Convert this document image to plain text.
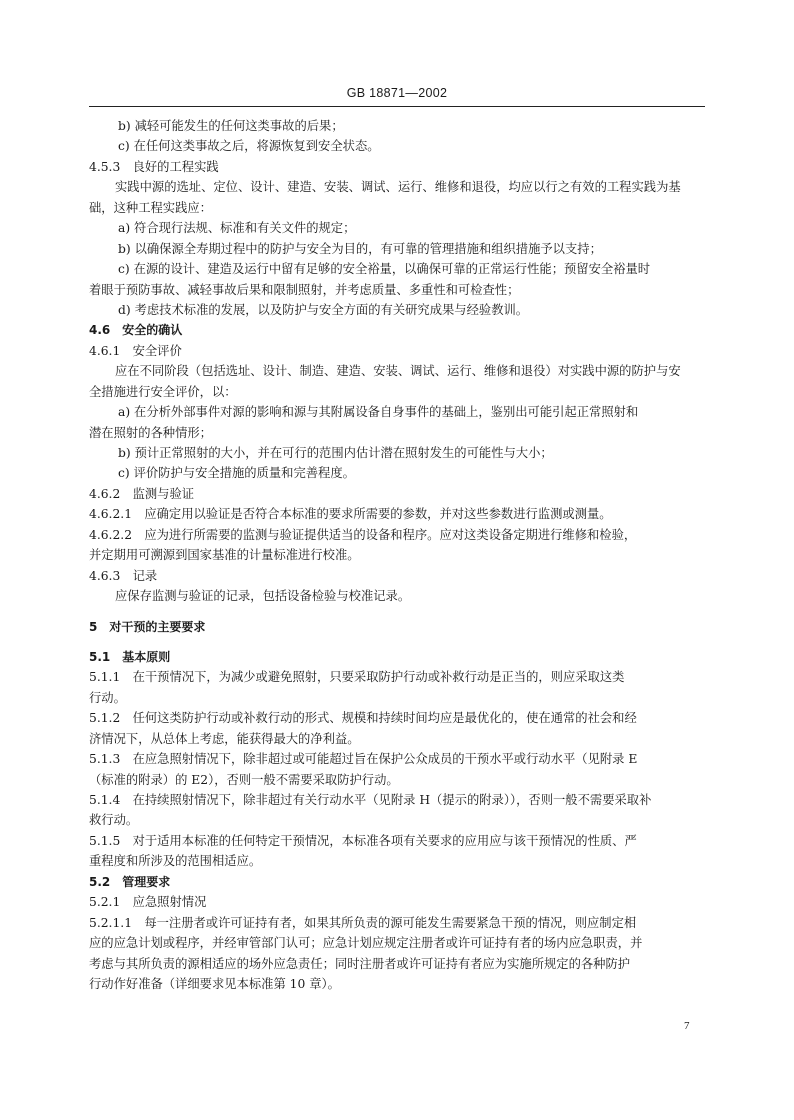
GB 18871—2002
b) 减轻可能发生的任何这类事故的后果；
c) 在任何这类事故之后，将源恢复到安全状态。
4.5.3　良好的工程实践
实践中源的选址、定位、设计、建造、安装、调试、运行、维修和退役，均应以行之有效的工程实践为基
础，这种工程实践应：
a) 符合现行法规、标准和有关文件的规定；
b) 以确保源全寿期过程中的防护与安全为目的，有可靠的管理措施和组织措施予以支持；
c) 在源的设计、建造及运行中留有足够的安全裕量，以确保可靠的正常运行性能；预留安全裕量时
着眼于预防事故、减轻事故后果和限制照射，并考虑质量、多重性和可检查性；
d) 考虑技术标准的发展，以及防护与安全方面的有关研究成果与经验教训。
4.6　安全的确认
4.6.1　安全评价
应在不同阶段（包括选址、设计、制造、建造、安装、调试、运行、维修和退役）对实践中源的防护与安
全措施进行安全评价，以：
a) 在分析外部事件对源的影响和源与其附属设备自身事件的基础上，鉴别出可能引起正常照射和
潜在照射的各种情形；
b) 预计正常照射的大小，并在可行的范围内估计潜在照射发生的可能性与大小；
c) 评价防护与安全措施的质量和完善程度。
4.6.2　监测与验证
4.6.2.1　应确定用以验证是否符合本标准的要求所需要的参数，并对这些参数进行监测或测量。
4.6.2.2　应为进行所需要的监测与验证提供适当的设备和程序。应对这类设备定期进行维修和检验，
并定期用可溯源到国家基准的计量标准进行校准。
4.6.3　记录
应保存监测与验证的记录，包括设备检验与校准记录。
5　对干预的主要要求
5.1　基本原则
5.1.1　在干预情况下，为减少或避免照射，只要采取防护行动或补救行动是正当的，则应采取这类
行动。
5.1.2　任何这类防护行动或补救行动的形式、规模和持续时间均应是最优化的，使在通常的社会和经
济情况下，从总体上考虑，能获得最大的净利益。
5.1.3　在应急照射情况下，除非超过或可能超过旨在保护公众成员的干预水平或行动水平（见附录 E
（标准的附录）的 E2），否则一般不需要采取防护行动。
5.1.4　在持续照射情况下，除非超过有关行动水平（见附录 H（提示的附录）），否则一般不需要采取补
救行动。
5.1.5　对于适用本标准的任何特定干预情况，本标准各项有关要求的应用应与该干预情况的性质、严
重程度和所涉及的范围相适应。
5.2　管理要求
5.2.1　应急照射情况
5.2.1.1　每一注册者或许可证持有者，如果其所负责的源可能发生需要紧急干预的情况，则应制定相
应的应急计划或程序，并经审管部门认可；应急计划应规定注册者或许可证持有者的场内应急职责，并
考虑与其所负责的源相适应的场外应急责任；同时注册者或许可证持有者应为实施所规定的各种防护
行动作好准备（详细要求见本标准第 10 章）。
7
